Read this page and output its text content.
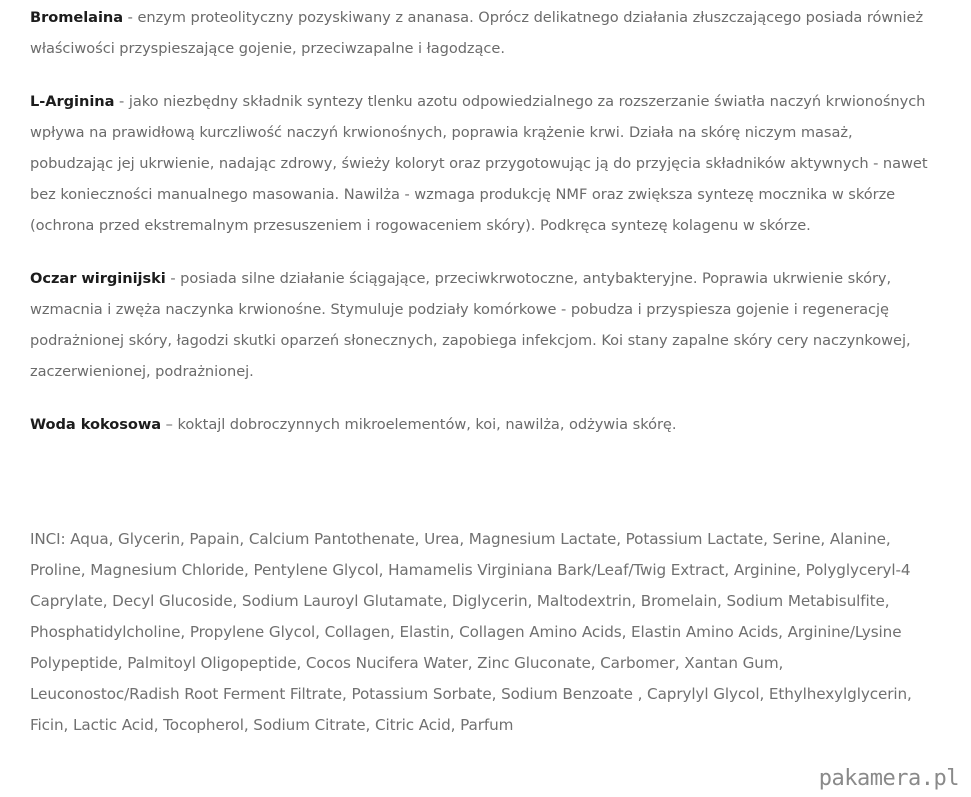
Bromelaina - enzym proteolityczny pozyskiwany z ananasa. Oprócz delikatnego działania złuszczającego posiada również właściwości przyspieszające gojenie, przeciwzapalne i łagodzące.

L-Arginina - jako niezbędny składnik syntezy tlenku azotu odpowiedzialnego za rozszerzanie światła naczyń krwionośnych wpływa na prawidłową kurczliwość naczyń krwionośnych, poprawia krążenie krwi. Działa na skórę niczym masaż, pobudzając jej ukrwienie, nadając zdrowy, świeży koloryt oraz przygotowując ją do przyjęcia składników aktywnych - nawet bez konieczności manualnego masowania. Nawilża - wzmaga produkcję NMF oraz zwiększa syntezę mocznika w skórze (ochrona przed ekstremalnym przesuszeniem i rogowaceniem skóry). Podkręca syntezę kolagenu w skórze.

Oczar wirginijski - posiada silne działanie ściągające, przeciwkrwotoczne, antybakteryjne. Poprawia ukrwienie skóry, wzmacnia i zwęża naczynka krwionośne. Stymuluje podziały komórkowe - pobudza i przyspiesza gojenie i regenerację podrażnionej skóry, łagodzi skutki oparzeń słonecznych, zapobiega infekcjom. Koi stany zapalne skóry cery naczynkowej, zaczerwienionej, podrażnionej.

Woda kokosowa – koktajl dobroczynnych mikroelementów, koi, nawilża, odżywia skórę.

INCI: Aqua, Glycerin, Papain, Calcium Pantothenate, Urea, Magnesium Lactate, Potassium Lactate, Serine, Alanine, Proline, Magnesium Chloride, Pentylene Glycol, Hamamelis Virginiana Bark/Leaf/Twig Extract, Arginine, Polyglyceryl-4 Caprylate, Decyl Glucoside, Sodium Lauroyl Glutamate, Diglycerin, Maltodextrin, Bromelain, Sodium Metabisulfite, Phosphatidylcholine, Propylene Glycol, Collagen, Elastin, Collagen Amino Acids, Elastin Amino Acids, Arginine/Lysine Polypeptide, Palmitoyl Oligopeptide, Cocos Nucifera Water, Zinc Gluconate, Carbomer, Xantan Gum, Leuconostoc/Radish Root Ferment Filtrate, Potassium Sorbate, Sodium Benzoate , Caprylyl Glycol, Ethylhexylglycerin, Ficin, Lactic Acid, Tocopherol, Sodium Citrate, Citric Acid, Parfum

pakamera.pl
